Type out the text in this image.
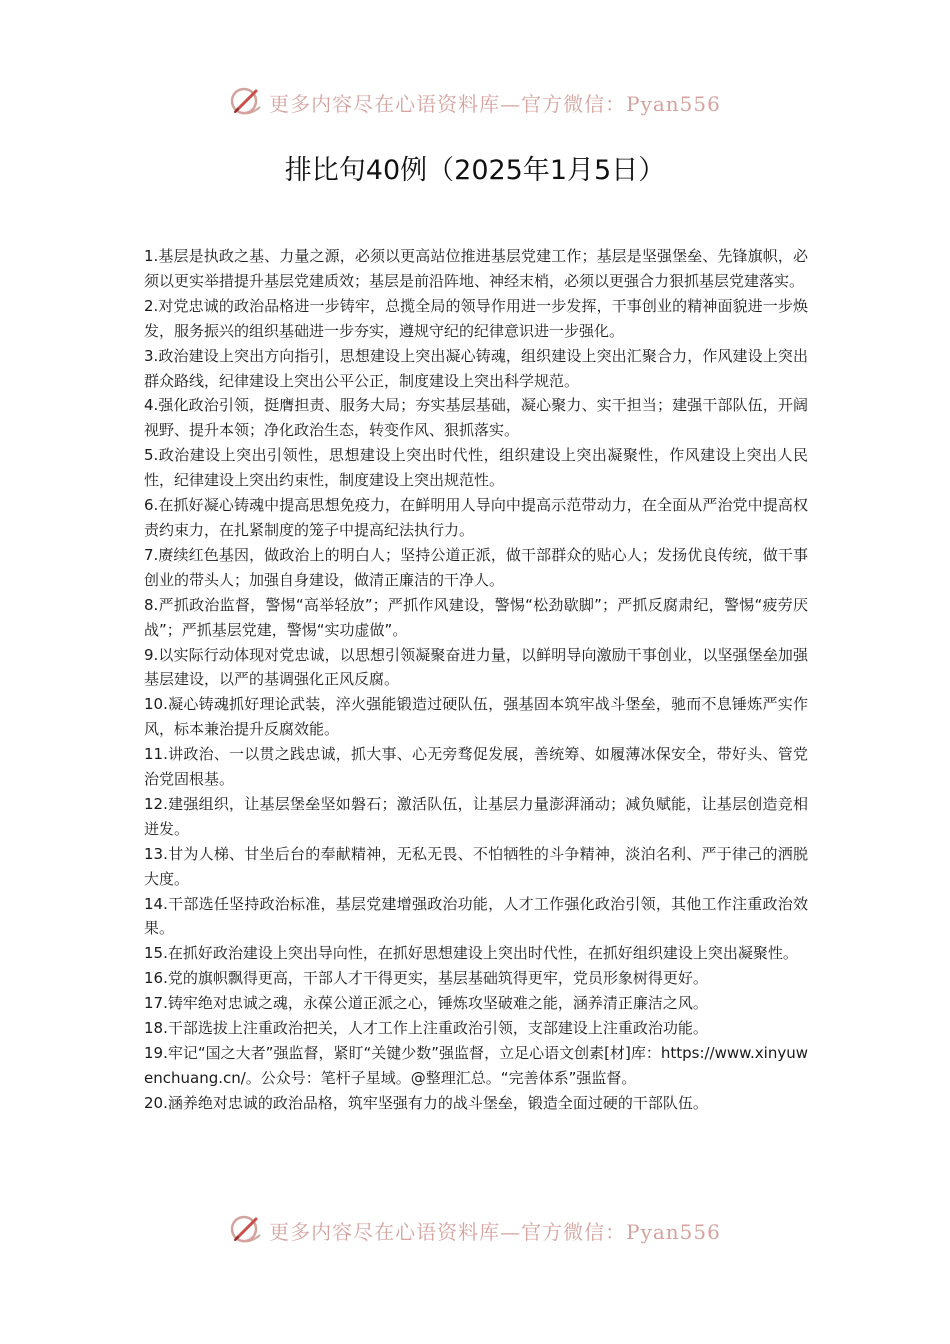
更多内容尽在心语资料库—官方微信：Pyan556
排比句40例（2025年1月5日）

1.基层是执政之基、力量之源，必须以更高站位推进基层党建工作；基层是坚强堡垒、先锋旗帜，必须以更实举措提升基层党建质效；基层是前沿阵地、神经末梢，必须以更强合力狠抓基层党建落实。

2.对党忠诚的政治品格进一步铸牢，总揽全局的领导作用进一步发挥，干事创业的精神面貌进一步焕发，服务振兴的组织基础进一步夯实，遵规守纪的纪律意识进一步强化。

3.政治建设上突出方向指引，思想建设上突出凝心铸魂，组织建设上突出汇聚合力，作风建设上突出群众路线，纪律建设上突出公平公正，制度建设上突出科学规范。

4.强化政治引领，挺膺担责、服务大局；夯实基层基础，凝心聚力、实干担当；建强干部队伍，开阔视野、提升本领；净化政治生态，转变作风、狠抓落实。

5.政治建设上突出引领性，思想建设上突出时代性，组织建设上突出凝聚性，作风建设上突出人民性，纪律建设上突出约束性，制度建设上突出规范性。

6.在抓好凝心铸魂中提高思想免疫力，在鲜明用人导向中提高示范带动力，在全面从严治党中提高权责约束力，在扎紧制度的笼子中提高纪法执行力。

7.赓续红色基因，做政治上的明白人；坚持公道正派，做干部群众的贴心人；发扬优良传统，做干事创业的带头人；加强自身建设，做清正廉洁的干净人。

8.严抓政治监督，警惕“高举轻放”；严抓作风建设，警惕“松劲歇脚”；严抓反腐肃纪，警惕“疲劳厌战”；严抓基层党建，警惕“实功虚做”。

9.以实际行动体现对党忠诚，以思想引领凝聚奋进力量，以鲜明导向激励干事创业，以坚强堡垒加强基层建设，以严的基调强化正风反腐。

10.凝心铸魂抓好理论武装，淬火强能锻造过硬队伍，强基固本筑牢战斗堡垒，驰而不息锤炼严实作风，标本兼治提升反腐效能。

11.讲政治、一以贯之践忠诚，抓大事、心无旁骛促发展，善统筹、如履薄冰保安全，带好头、管党治党固根基。

12.建强组织，让基层堡垒坚如磐石；激活队伍，让基层力量澎湃涌动；减负赋能，让基层创造竞相迸发。

13.甘为人梯、甘坐后台的奉献精神，无私无畏、不怕牺牲的斗争精神，淡泊名利、严于律己的洒脱大度。

14.干部选任坚持政治标准，基层党建增强政治功能，人才工作强化政治引领，其他工作注重政治效果。

15.在抓好政治建设上突出导向性，在抓好思想建设上突出时代性，在抓好组织建设上突出凝聚性。

16.党的旗帜飘得更高，干部人才干得更实，基层基础筑得更牢，党员形象树得更好。

17.铸牢绝对忠诚之魂，永葆公道正派之心，锤炼攻坚破难之能，涵养清正廉洁之风。

18.干部选拔上注重政治把关，人才工作上注重政治引领，支部建设上注重政治功能。

19.牢记“国之大者”强监督，紧盯“关键少数”强监督，立足心语文创素[材]库：https://www.xinyuwenchuang.cn/。公众号：笔杆子星域。@整理汇总。“完善体系”强监督。

20.涵养绝对忠诚的政治品格，筑牢坚强有力的战斗堡垒，锻造全面过硬的干部队伍。

更多内容尽在心语资料库—官方微信：Pyan556
